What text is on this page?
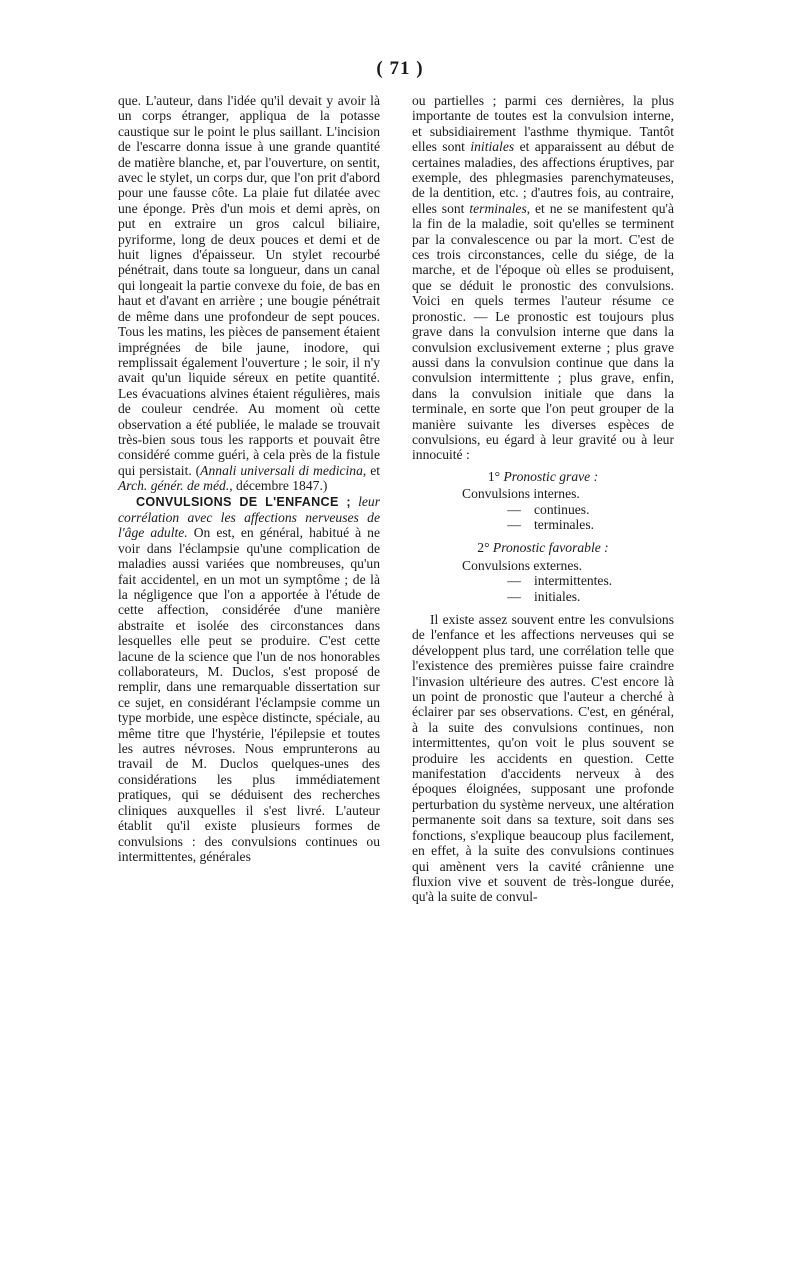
( 71 )

que. L'auteur, dans l'idée qu'il devait y avoir là un corps étranger, appliqua de la potasse caustique sur le point le plus saillant. L'incision de l'escarre donna issue à une grande quantité de matière blanche, et, par l'ouverture, on sentit, avec le stylet, un corps dur, que l'on prit d'abord pour une fausse côte. La plaie fut dilatée avec une éponge. Près d'un mois et demi après, on put en extraire un gros calcul biliaire, pyriforme, long de deux pouces et demi et de huit lignes d'épaisseur. Un stylet recourbé pénétrait, dans toute sa longueur, dans un canal qui longeait la partie convexe du foie, de bas en haut et d'avant en arrière ; une bougie pénétrait de même dans une profondeur de sept pouces. Tous les matins, les pièces de pansement étaient imprégnées de bile jaune, inodore, qui remplissait également l'ouverture ; le soir, il n'y avait qu'un liquide séreux en petite quantité. Les évacuations alvines étaient régulières, mais de couleur cendrée. Au moment où cette observation a été publiée, le malade se trouvait très-bien sous tous les rapports et pouvait être considéré comme guéri, à cela près de la fistule qui persistait. (Annali universali di medicina, et Arch. génér. de méd., décembre 1847.)

CONVULSIONS DE L'ENFANCE ; leur corrélation avec les affections nerveuses de l'âge adulte. On est, en général, habitué à ne voir dans l'éclampsie qu'une complication de maladies aussi variées que nombreuses, qu'un fait accidentel, en un mot un symptôme ; de là la négligence que l'on a apportée à l'étude de cette affection, considérée d'une manière abstraite et isolée des circonstances dans lesquelles elle peut se produire. C'est cette lacune de la science que l'un de nos honorables collaborateurs, M. Duclos, s'est proposé de remplir, dans une remarquable dissertation sur ce sujet, en considérant l'éclampsie comme un type morbide, une espèce distincte, spéciale, au même titre que l'hystérie, l'épilepsie et toutes les autres névroses. Nous emprunterons au travail de M. Duclos quelques-unes des considérations les plus immédiatement pratiques, qui se déduisent des recherches cliniques auxquelles il s'est livré. L'auteur établit qu'il existe plusieurs formes de convulsions : des convulsions continues ou intermittentes, générales

ou partielles ; parmi ces dernières, la plus importante de toutes est la convulsion interne, et subsidiairement l'asthme thymique. Tantôt elles sont initiales et apparaissent au début de certaines maladies, des affections éruptives, par exemple, des phlegmasies parenchymateuses, de la dentition, etc. ; d'autres fois, au contraire, elles sont terminales, et ne se manifestent qu'à la fin de la maladie, soit qu'elles se terminent par la convalescence ou par la mort. C'est de ces trois circonstances, celle du siége, de la marche, et de l'époque où elles se produisent, que se déduit le pronostic des convulsions. Voici en quels termes l'auteur résume ce pronostic. — Le pronostic est toujours plus grave dans la convulsion interne que dans la convulsion exclusivement externe ; plus grave aussi dans la convulsion continue que dans la convulsion intermittente ; plus grave, enfin, dans la convulsion initiale que dans la terminale, en sorte que l'on peut grouper de la manière suivante les diverses espèces de convulsions, eu égard à leur gravité ou à leur innocuité :

1° Pronostic grave :
Convulsions internes.
— continues.
— terminales.
2° Pronostic favorable :
Convulsions externes.
— intermittentes.
— initiales.

Il existe assez souvent entre les convulsions de l'enfance et les affections nerveuses qui se développent plus tard, une corrélation telle que l'existence des premières puisse faire craindre l'invasion ultérieure des autres. C'est encore là un point de pronostic que l'auteur a cherché à éclairer par ses observations. C'est, en général, à la suite des convulsions continues, non intermittentes, qu'on voit le plus souvent se produire les accidents en question. Cette manifestation d'accidents nerveux à des époques éloignées, supposant une profonde perturbation du système nerveux, une altération permanente soit dans sa texture, soit dans ses fonctions, s'explique beaucoup plus facilement, en effet, à la suite des convulsions continues qui amènent vers la cavité crânienne une fluxion vive et souvent de très-longue durée, qu'à la suite de convul-
